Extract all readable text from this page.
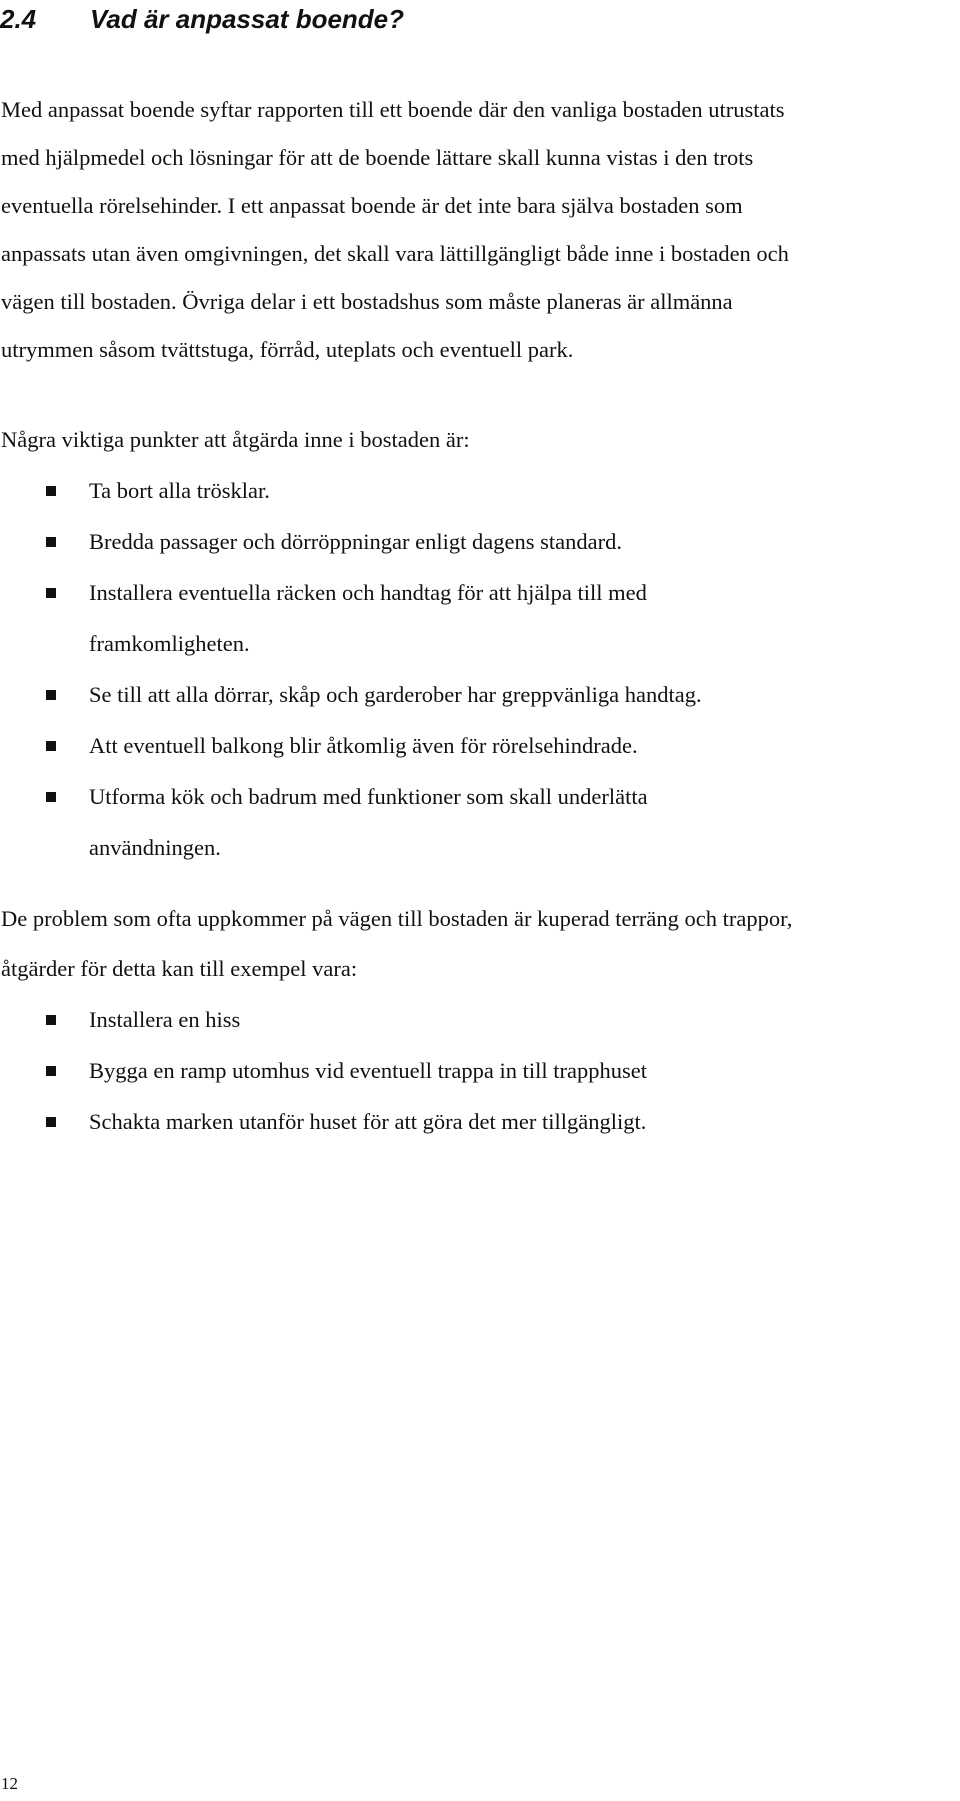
2.4 Vad är anpassat boende?

Med anpassat boende syftar rapporten till ett boende där den vanliga bostaden utrustats
med hjälpmedel och lösningar för att de boende lättare skall kunna vistas i den trots
eventuella rörelsehinder. I ett anpassat boende är det inte bara själva bostaden som
anpassats utan även omgivningen, det skall vara lättillgängligt både inne i bostaden och
vägen till bostaden. Övriga delar i ett bostadshus som måste planeras är allmänna
utrymmen såsom tvättstuga, förråd, uteplats och eventuell park.

Några viktiga punkter att åtgärda inne i bostaden är:

Ta bort alla trösklar.
Bredda passager och dörröppningar enligt dagens standard.
Installera eventuella räcken och handtag för att hjälpa till med
framkomligheten.
Se till att alla dörrar, skåp och garderober har greppvänliga handtag.
Att eventuell balkong blir åtkomlig även för rörelsehindrade.
Utforma kök och badrum med funktioner som skall underlätta
användningen.

De problem som ofta uppkommer på vägen till bostaden är kuperad terräng och trappor,
åtgärder för detta kan till exempel vara:

Installera en hiss
Bygga en ramp utomhus vid eventuell trappa in till trapphuset
Schakta marken utanför huset för att göra det mer tillgängligt.
12
